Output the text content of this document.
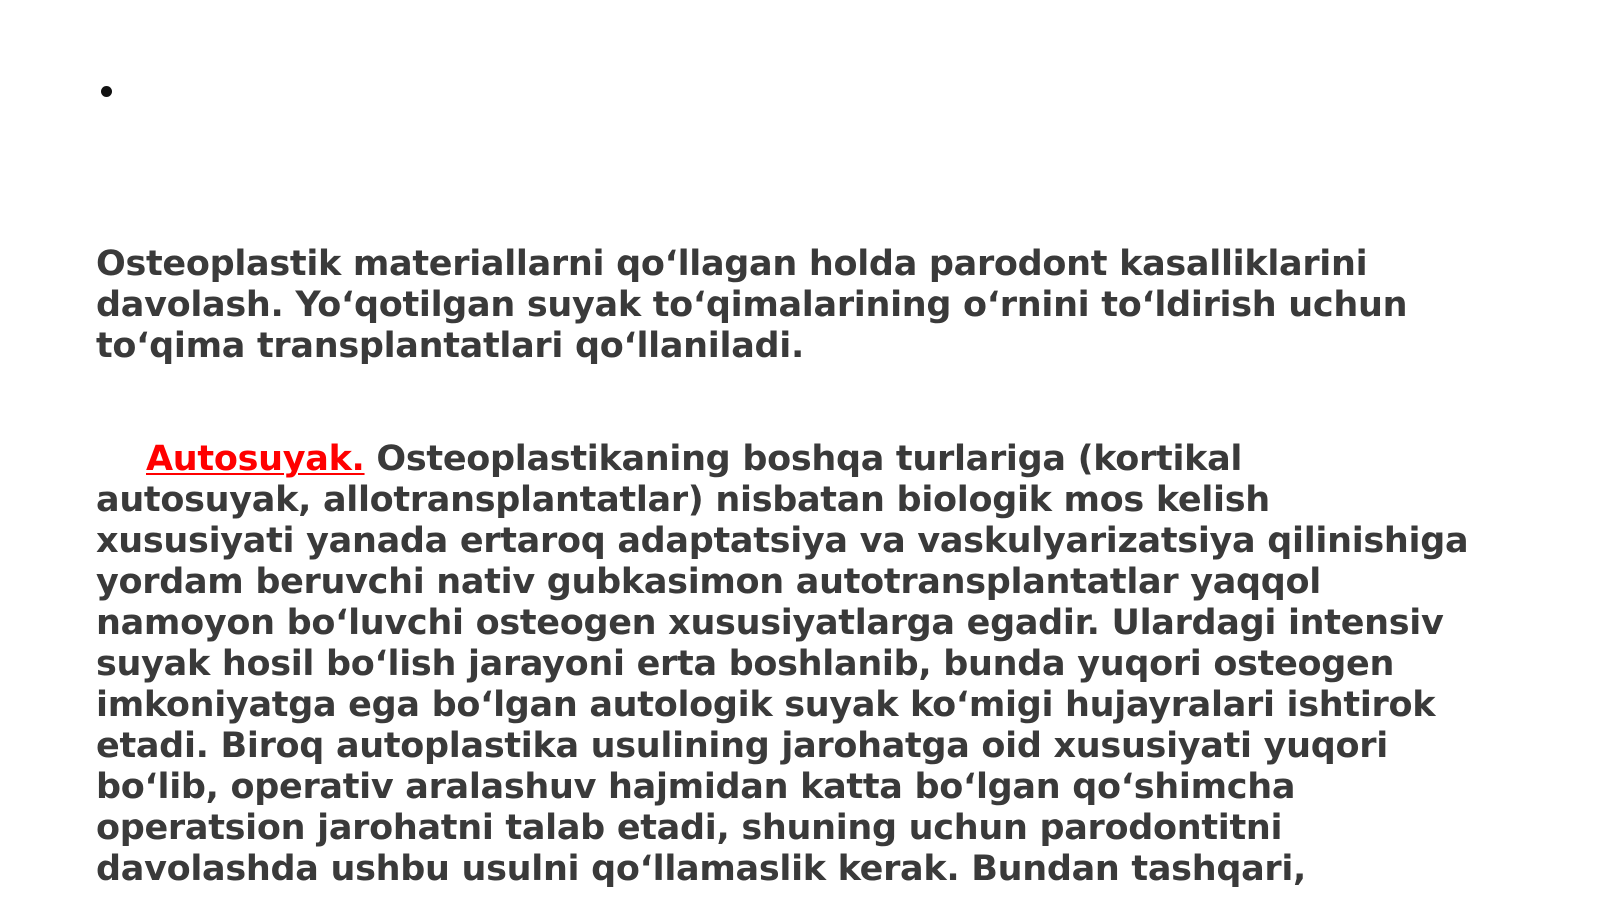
Osteoplastik materiallarni qo‘llagan holda parodont kasalliklarini
davolash. Yo‘qotilgan suyak to‘qimalarining o‘rnini to‘ldirish uchun
to‘qima transplantatlari qo‘llaniladi.

Autosuyak. Osteoplastikaning boshqa turlariga (kortikal
autosuyak, allotransplantatlar) nisbatan biologik mos kelish
xususiyati yanada ertaroq adaptatsiya va vaskulyarizatsiya qilinishiga
yordam beruvchi nativ gubkasimon autotransplantatlar yaqqol
namoyon bo‘luvchi osteogen xususiyatlarga egadir. Ulardagi intensiv
suyak hosil bo‘lish jarayoni erta boshlanib, bunda yuqori osteogen
imkoniyatga ega bo‘lgan autologik suyak ko‘migi hujayralari ishtirok
etadi. Biroq autoplastika usulining jarohatga oid xususiyati yuqori
bo‘lib, operativ aralashuv hajmidan katta bo‘lgan qo‘shimcha
operatsion jarohatni talab etadi, shuning uchun parodontitni
davolashda ushbu usulni qo‘llamaslik kerak. Bundan tashqari,
